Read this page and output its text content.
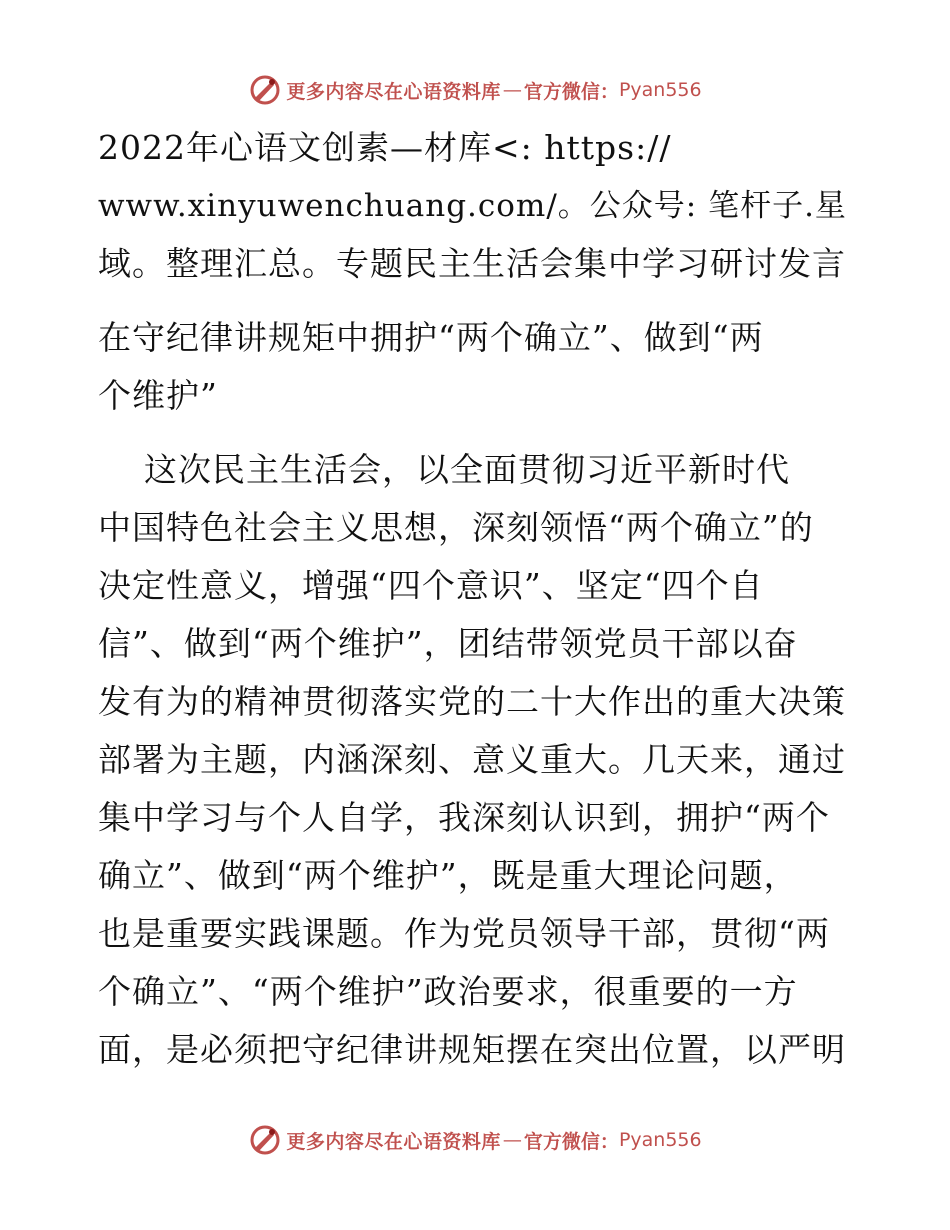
更多内容尽在心语资料库 — 官方微信： Pyan556
2022年心语文创素—材库<: https://
www.xinyuwenchuang.com/。公众号: 笔杆子.星
域。整理汇总。专题民主生活会集中学习研讨发言
在守纪律讲规矩中拥护“两个确立”、做到“两
个维护”
这次民主生活会，以全面贯彻习近平新时代
中国特色社会主义思想，深刻领悟“两个确立”的
决定性意义，增强“四个意识”、坚定“四个自
信”、做到“两个维护”，团结带领党员干部以奋
发有为的精神贯彻落实党的二十大作出的重大决策
部署为主题，内涵深刻、意义重大。几天来，通过
集中学习与个人自学，我深刻认识到，拥护“两个
确立”、做到“两个维护”，既是重大理论问题，
也是重要实践课题。作为党员领导干部，贯彻“两
个确立”、“两个维护”政治要求，很重要的一方
面，是必须把守纪律讲规矩摆在突出位置，以严明
更多内容尽在心语资料库 — 官方微信： Pyan556
